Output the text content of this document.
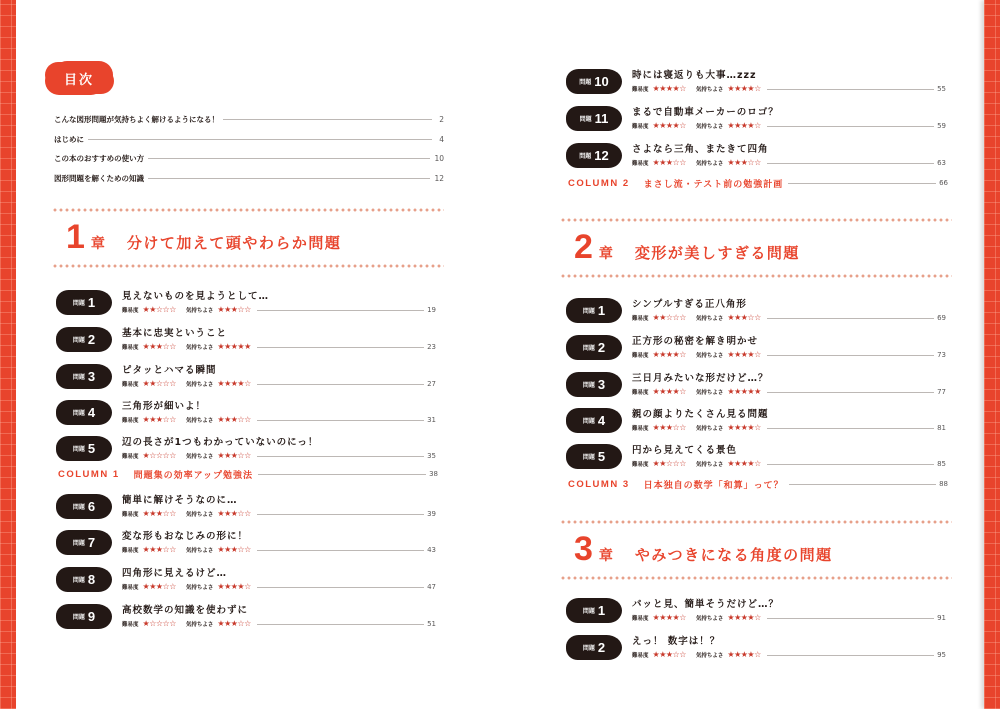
目次
こんな図形問題が気持ちよく解けるようになる！	2
はじめに	4
この本のおすすめの使い方	10
図形問題を解くための知識	12
1 章 分けて加えて頭やわらか問題
問題 1	見えないものを見ようとして…
難易度 ★★☆☆☆ 気持ちよさ ★★★☆☆	19
問題 2	基本に忠実ということ
難易度 ★★★☆☆ 気持ちよさ ★★★★★	23
問題 3	ピタッとハマる瞬間
難易度 ★★☆☆☆ 気持ちよさ ★★★★☆	27
問題 4	三角形が細いよ！
難易度 ★★★☆☆ 気持ちよさ ★★★☆☆	31
問題 5	辺の長さが1つもわかっていないのにっ！
難易度 ★☆☆☆☆ 気持ちよさ ★★★☆☆	35
COLUMN 1 問題集の効率アップ勉強法	38
問題 6	簡単に解けそうなのに…
難易度 ★★★☆☆ 気持ちよさ ★★★☆☆	39
問題 7	変な形もおなじみの形に！
難易度 ★★★☆☆ 気持ちよさ ★★★☆☆	43
問題 8	四角形に見えるけど…
難易度 ★★★☆☆ 気持ちよさ ★★★★☆	47
問題 9	高校数学の知識を使わずに
難易度 ★☆☆☆☆ 気持ちよさ ★★★☆☆	51
問題 10 時には寝返りも大事…zzz
難易度 ★★★★☆ 気持ちよさ ★★★★☆	55
問題 11 まるで自動車メーカーのロゴ？
難易度 ★★★★☆ 気持ちよさ ★★★★☆	59
問題 12 さよなら三角、またきて四角
難易度 ★★★☆☆ 気持ちよさ ★★★☆☆	63
COLUMN 2 まさし流・テスト前の勉強計画	66
2 章 変形が美しすぎる問題
問題 1	シンプルすぎる正八角形
難易度 ★★☆☆☆ 気持ちよさ ★★★☆☆	69
問題 2	正方形の秘密を解き明かせ
難易度 ★★★★☆ 気持ちよさ ★★★★☆	73
問題 3	三日月みたいな形だけど…？
難易度 ★★★★☆ 気持ちよさ ★★★★★	77
問題 4	親の顔よりたくさん見る問題
難易度 ★★★☆☆ 気持ちよさ ★★★★☆	81
問題 5	円から見えてくる景色
難易度 ★★☆☆☆ 気持ちよさ ★★★★☆	85
COLUMN 3 日本独自の数学「和算」って？	88
3 章 やみつきになる角度の問題
問題 1	パッと見、簡単そうだけど…？
難易度 ★★★★☆ 気持ちよさ ★★★★☆	91
問題 2	えっ！ 数字は！？
難易度 ★★★☆☆ 気持ちよさ ★★★★☆	95
